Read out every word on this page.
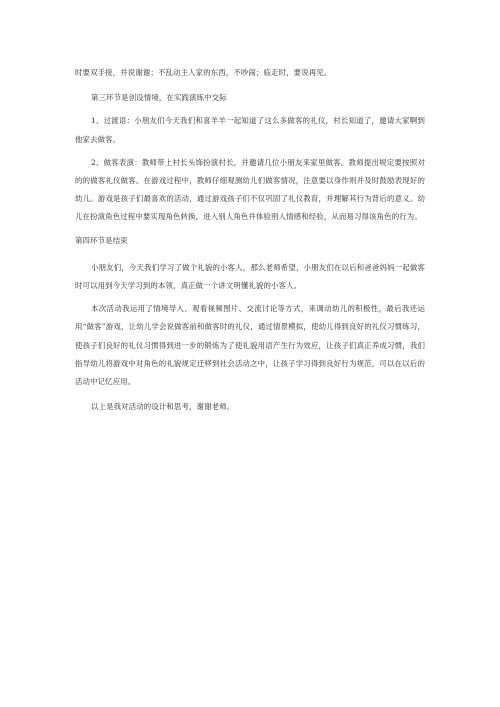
时要双手接，并说谢谢；不乱动主人家的东西，不吵闹；临走时，要说再见。

第三环节是创设情境，在实践演练中交际

1、过渡语：小朋友们今天我们和喜羊羊一起知道了这么多做客的礼仪，村长知道了，邀请大家啊到他家去做客。

2、做客表演：教师带上村长头饰扮演村长，并邀请几位小朋友来家里做客。教师提出规定要按照对的的做客礼仪做客。在游戏过程中，教师仔细观测幼儿们做客情况，注意要以身作则并及时鼓励表现好的幼儿。游戏是孩子们最喜欢的活动，通过游戏孩子们不仅巩固了礼仪教育，并理解其行为背后的意义。幼儿在扮演角色过程中要实现角色转换，进入别人角色并体验别人情感和经验，从而易习得该角色的行为。

第四环节是结束

小朋友们，今天我们学习了做个礼貌的小客人，那么老师希望，小朋友们在以后和爸爸妈妈一起做客时可以用到今天学习到的本领，真正做一个讲文明懂礼貌的小客人。

本次活动我运用了情境导入、观看视频图片、交流讨论等方式，来调动幼儿的积极性，最后我还运用“做客”游戏，让幼儿学会说做客前和做客时的礼仪，通过情景模拟，使幼儿得到良好的礼仪习惯练习，使孩子们良好的礼仪习惯得到进一步的锻炼为了使礼貌用语产生行为效应，让孩子们真正养成习惯，我们指导幼儿将游戏中对角色的礼貌规定迁移到社会活动之中，让孩子学习得到良好行为规范，可以在以后的活动中记忆应用。

以上是我对活动的设计和思考，谢谢老师。
